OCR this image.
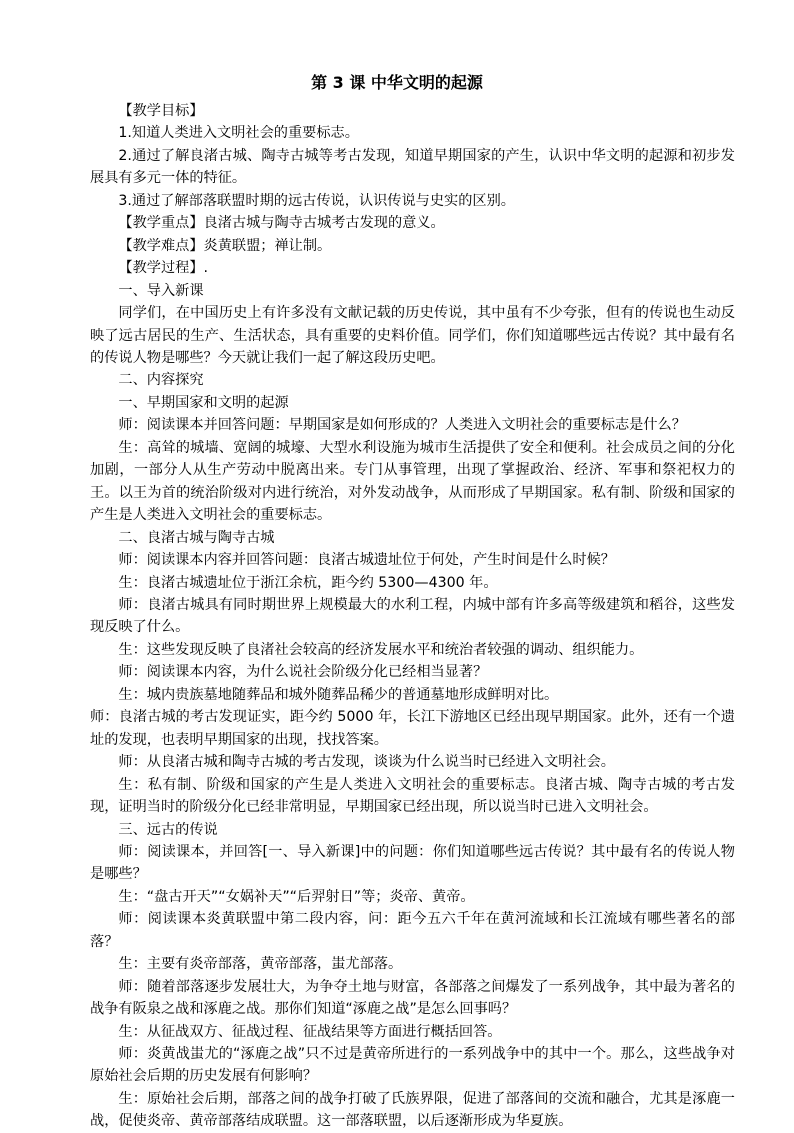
第 3 课 中华文明的起源

【教学目标】

1.知道人类进入文明社会的重要标志。

2.通过了解良渚古城、陶寺古城等考古发现，知道早期国家的产生，认识中华文明的起源和初步发展具有多元一体的特征。

3.通过了解部落联盟时期的远古传说，认识传说与史实的区别。

【教学重点】良渚古城与陶寺古城考古发现的意义。

【教学难点】炎黄联盟；禅让制。

【教学过程】.

一、导入新课

同学们，在中国历史上有许多没有文献记载的历史传说，其中虽有不少夸张，但有的传说也生动反映了远古居民的生产、生活状态，具有重要的史料价值。同学们，你们知道哪些远古传说？其中最有名的传说人物是哪些？今天就让我们一起了解这段历史吧。

二、内容探究

一、早期国家和文明的起源

师：阅读课本并回答问题：早期国家是如何形成的？人类进入文明社会的重要标志是什么？

生：高耸的城墙、宽阔的城壕、大型水利设施为城市生活提供了安全和便利。社会成员之间的分化加剧，一部分人从生产劳动中脱离出来。专门从事管理，出现了掌握政治、经济、军事和祭祀权力的王。以王为首的统治阶级对内进行统治，对外发动战争，从而形成了早期国家。私有制、阶级和国家的产生是人类进入文明社会的重要标志。

二、良渚古城与陶寺古城

师：阅读课本内容并回答问题：良渚古城遗址位于何处，产生时间是什么时候？

生：良渚古城遗址位于浙江余杭，距今约 5300—4300 年。

师：良渚古城具有同时期世界上规模最大的水利工程，内城中部有许多高等级建筑和稻谷，这些发现反映了什么。

生：这些发现反映了良渚社会较高的经济发展水平和统治者较强的调动、组织能力。

师：阅读课本内容，为什么说社会阶级分化已经相当显著？

生：城内贵族墓地随葬品和城外随葬品稀少的普通墓地形成鲜明对比。

师：良渚古城的考古发现证实，距今约 5000 年，长江下游地区已经出现早期国家。此外，还有一个遗址的发现，也表明早期国家的出现，找找答案。

师：从良渚古城和陶寺古城的考古发现，谈谈为什么说当时已经进入文明社会。

生：私有制、阶级和国家的产生是人类进入文明社会的重要标志。良渚古城、陶寺古城的考古发现，证明当时的阶级分化已经非常明显，早期国家已经出现，所以说当时已进入文明社会。

三、远古的传说

师：阅读课本，并回答[一、导入新课]中的问题：你们知道哪些远古传说？其中最有名的传说人物是哪些？

生：“盘古开天”“女娲补天”“后羿射日”等；炎帝、黄帝。

师：阅读课本炎黄联盟中第二段内容，问：距今五六千年在黄河流域和长江流域有哪些著名的部落？

生：主要有炎帝部落，黄帝部落，蚩尤部落。

师：随着部落逐步发展壮大，为争夺土地与财富，各部落之间爆发了一系列战争，其中最为著名的战争有阪泉之战和涿鹿之战。那你们知道“涿鹿之战”是怎么回事吗？

生：从征战双方、征战过程、征战结果等方面进行概括回答。

师：炎黄战蚩尤的“涿鹿之战”只不过是黄帝所进行的一系列战争中的其中一个。那么，这些战争对原始社会后期的历史发展有何影响？

生：原始社会后期，部落之间的战争打破了氏族界限，促进了部落间的交流和融合，尤其是涿鹿一战，促使炎帝、黄帝部落结成联盟。这一部落联盟，以后逐渐形成为华夏族。
